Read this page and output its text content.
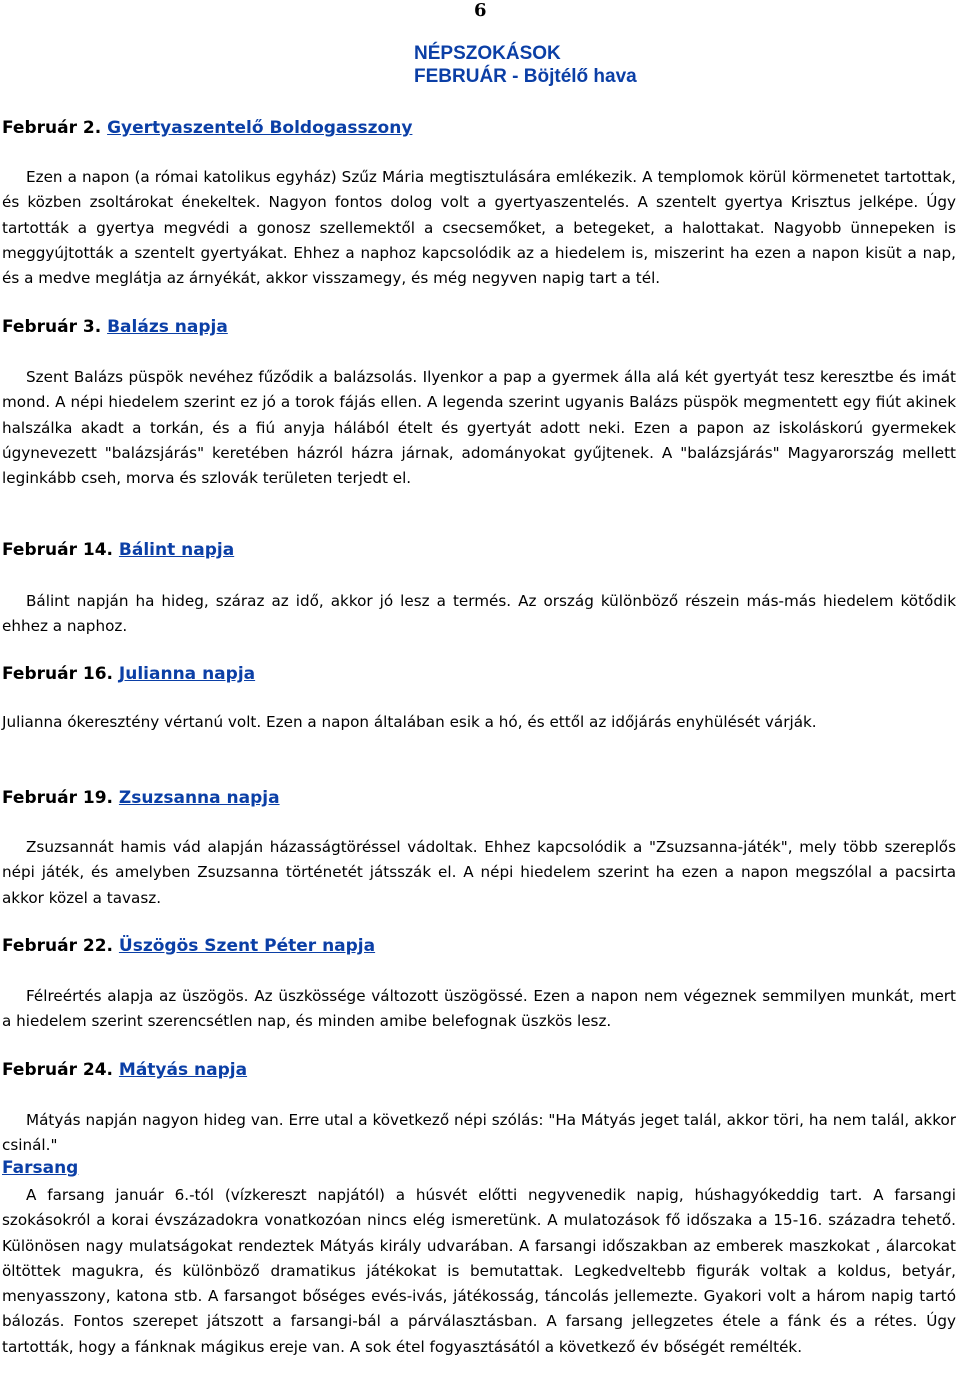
6
NÉPSZOKÁSOK
FEBRUÁR - Böjtélő hava
Február 2. Gyertyaszentelő Boldogasszony
Ezen a napon (a római katolikus egyház) Szűz Mária megtisztulására emlékezik. A templomok körül körmenetet tartottak, és közben zsoltárokat énekeltek. Nagyon fontos dolog volt a gyertyaszentelés. A szentelt gyertya Krisztus jelképe. Úgy tartották a gyertya megvédi a gonosz szellemektől a csecsemőket, a betegeket, a halottakat. Nagyobb ünnepeken is meggyújtották a szentelt gyertyákat. Ehhez a naphoz kapcsolódik az a hiedelem is, miszerint ha ezen a napon kisüt a nap, és a medve meglátja az árnyékát, akkor visszamegy, és még negyven napig tart a tél.
Február 3. Balázs napja
Szent Balázs püspök nevéhez fűződik a balázsolás. Ilyenkor a pap a gyermek álla alá két gyertyát tesz keresztbe és imát mond. A népi hiedelem szerint ez jó a torok fájás ellen. A legenda szerint ugyanis Balázs püspök megmentett egy fiút akinek halszálka akadt a torkán, és a fiú anyja hálából ételt és gyertyát adott neki. Ezen a papon az iskoláskorú gyermekek úgynevezett "balázsjárás" keretében házról házra járnak, adományokat gyűjtenek. A "balázsjárás" Magyarország mellett leginkább cseh, morva és szlovák területen terjedt el.
Február 14. Bálint napja
Bálint napján ha hideg, száraz az idő, akkor jó lesz a termés. Az ország különböző részein más-más hiedelem kötődik ehhez a naphoz.
Február 16. Julianna napja
Julianna ókeresztény vértanú volt. Ezen a napon általában esik a hó, és ettől az időjárás enyhülését várják.
Február 19. Zsuzsanna napja
Zsuzsannát hamis vád alapján házasságtöréssel vádoltak. Ehhez kapcsolódik a "Zsuzsanna-játék", mely több szereplős népi játék, és amelyben Zsuzsanna történetét játsszák el. A népi hiedelem szerint ha ezen a napon megszólal a pacsirta akkor közel a tavasz.
Február 22. Üszögös Szent Péter napja
Félreértés alapja az üszögös. Az üszkössége változott üszögössé. Ezen a napon nem végeznek semmilyen munkát, mert a hiedelem szerint szerencsétlen nap, és minden amibe belefognak üszkös lesz.
Február 24. Mátyás napja
Mátyás napján nagyon hideg van. Erre utal a következő népi szólás: "Ha Mátyás jeget talál, akkor töri, ha nem talál, akkor csinál."
Farsang
A farsang január 6.-tól (vízkereszt napjától) a húsvét előtti negyvenedik napig, húshagyókeddig tart. A farsangi szokásokról a korai évszázadokra vonatkozóan nincs elég ismeretünk. A mulatozások fő időszaka a 15-16. századra tehető. Különösen nagy mulatságokat rendeztek Mátyás király udvarában. A farsangi időszakban az emberek maszkokat , álarcokat öltöttek magukra, és különböző dramatikus játékokat is bemutattak. Legkedveltebb figurák voltak a koldus, betyár, menyasszony, katona stb. A farsangot bőséges evés-ivás, játékosság, táncolás jellemezte. Gyakori volt a három napig tartó bálozás. Fontos szerepet játszott a farsangi-bál a párválasztásban. A farsang jellegzetes étele a fánk és a rétes. Úgy tartották, hogy a fánknak mágikus ereje van. A sok étel fogyasztásától a következő év bőségét remélték.
